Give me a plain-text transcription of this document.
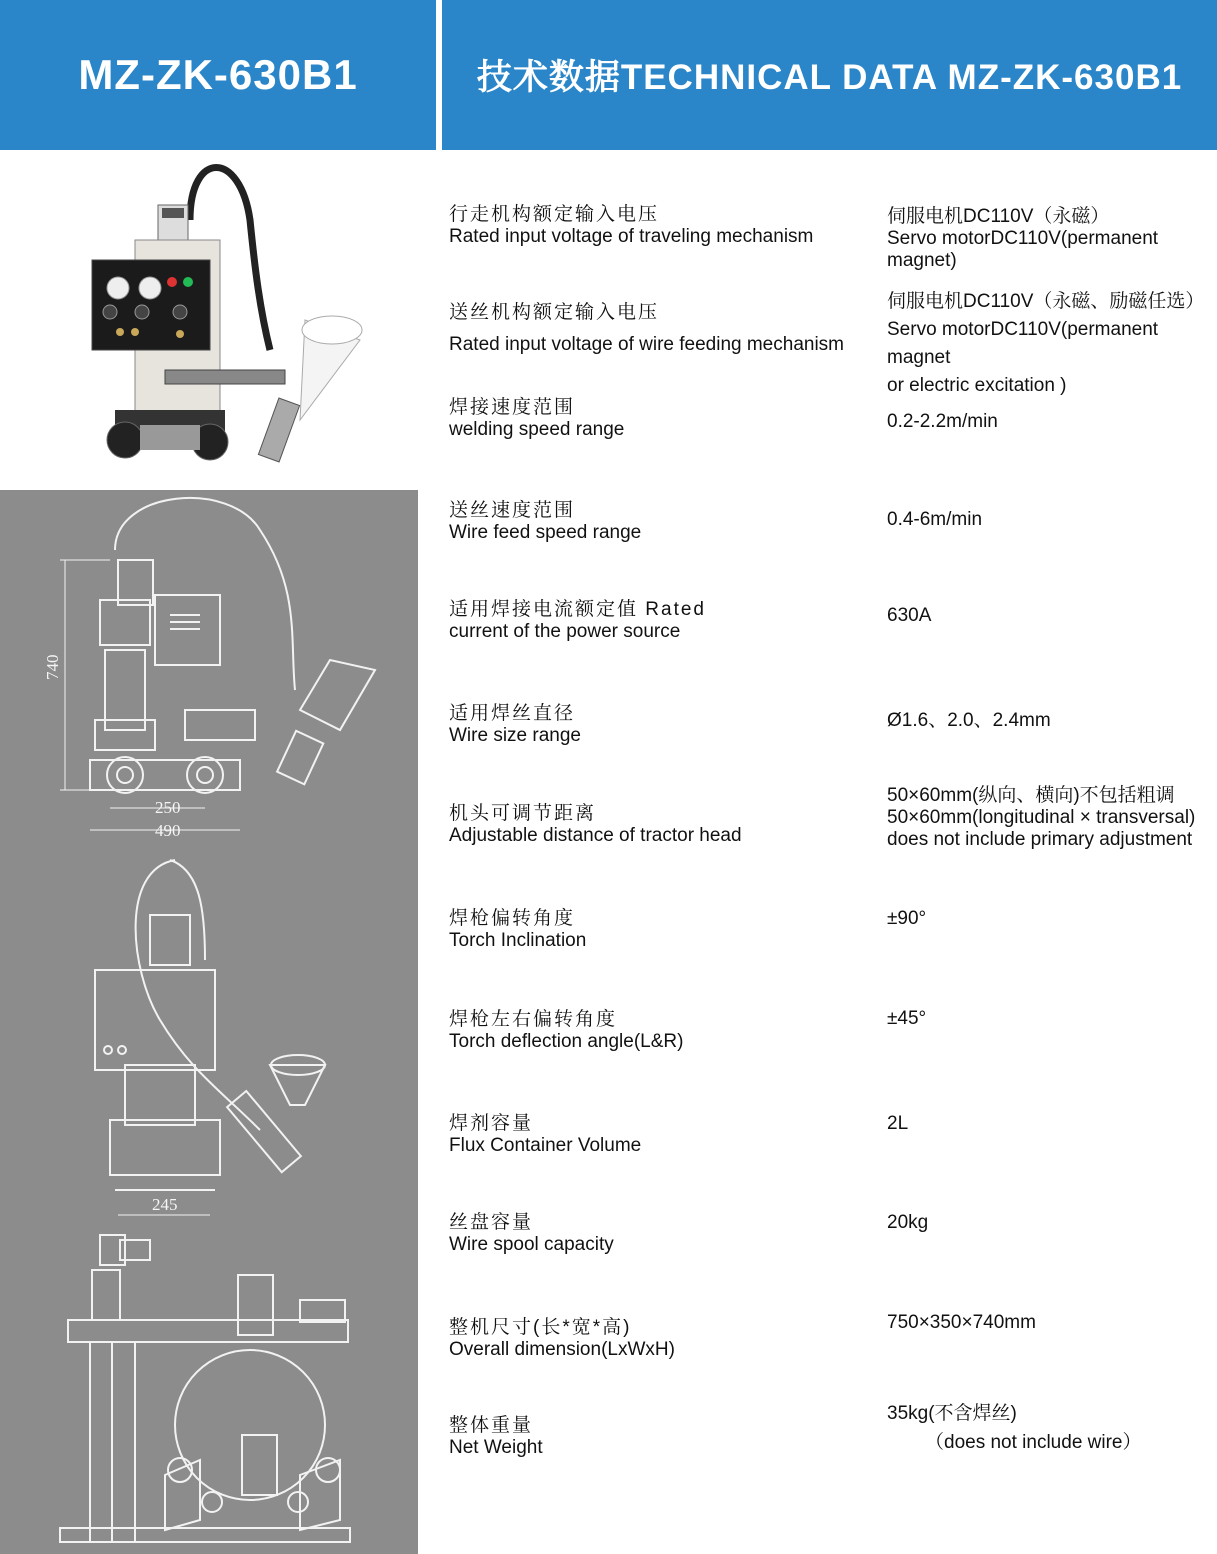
MZ-ZK-630B1	技术数据TECHNICAL DATA MZ-ZK-630B1
740
250
490
245
行走机构额定输入电压
Rated input voltage of traveling mechanism
伺服电机DC110V（永磁）
Servo motorDC110V(permanent magnet)
送丝机构额定输入电压
Rated input voltage of wire feeding mechanism
伺服电机DC110V（永磁、励磁任选）
Servo motorDC110V(permanent magnet
or electric excitation )
焊接速度范围
welding speed range	0.2-2.2m/min
送丝速度范围
Wire feed speed range
0.4-6m/min
适用焊接电流额定值 Rated
current of the power source
630A
适用焊丝直径
Wire size range
Ø1.6、2.0、2.4mm
机头可调节距离
Adjustable distance of tractor head
50×60mm(纵向、横向)不包括粗调
50×60mm(longitudinal × transversal)
does not include primary adjustment
焊枪偏转角度
Torch Inclination
±90°
焊枪左右偏转角度
Torch deflection angle(L&R)
±45°
焊剂容量
Flux Container Volume
2L
丝盘容量
Wire spool capacity
20kg
整机尺寸(长*宽*高)
Overall dimension(LxWxH)
750×350×740mm
整体重量
Net Weight
35kg(不含焊丝)
（does not include wire）
